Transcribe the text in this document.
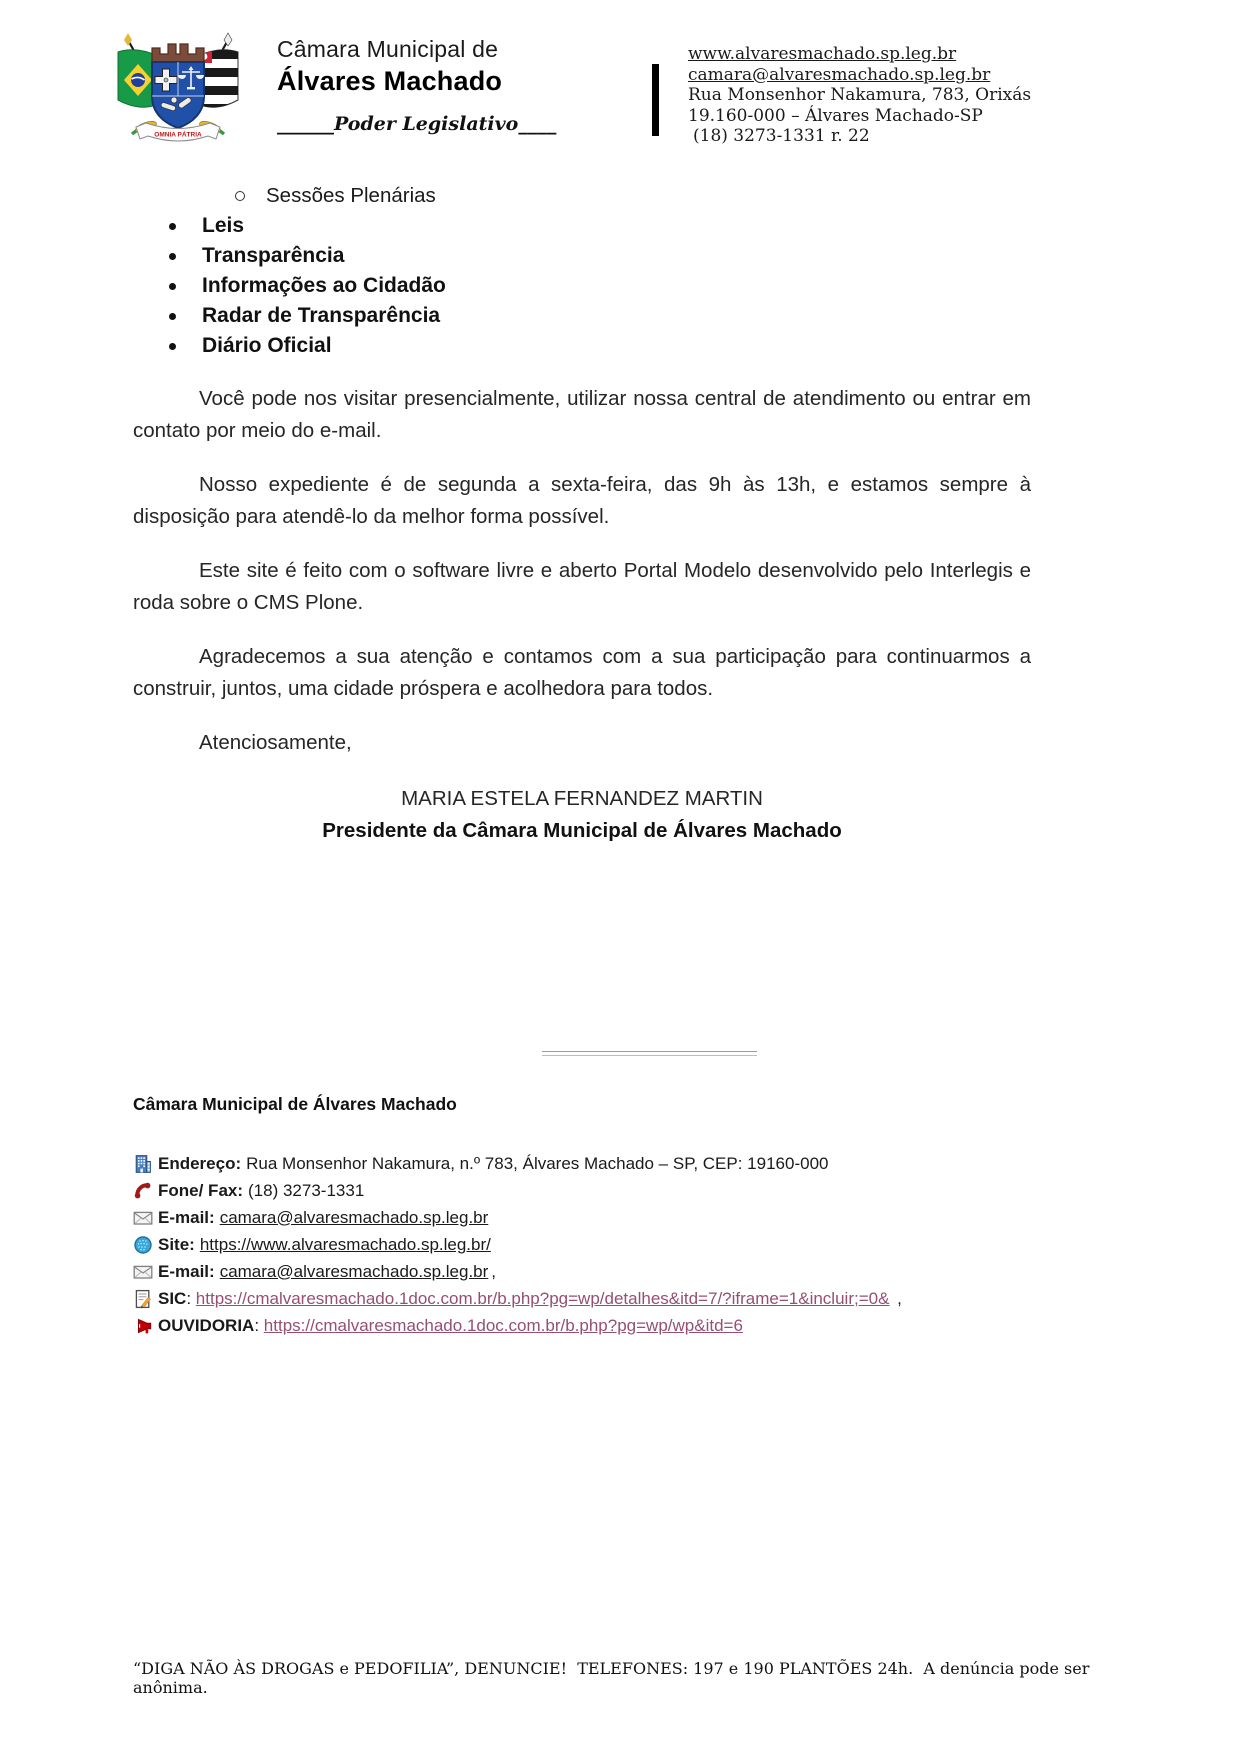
OMNIA PÁTRIA
Câmara Municipal de
Álvares Machado
______Poder Legislativo____
www.alvaresmachado.sp.leg.br
camara@alvaresmachado.sp.leg.br
Rua Monsenhor Nakamura, 783, Orixás
19.160-000 – Álvares Machado-SP
(18) 3273-1331 r. 22
Sessões Plenárias
Leis
Transparência
Informações ao Cidadão
Radar de Transparência
Diário Oficial

Você pode nos visitar presencialmente, utilizar nossa central de atendimento ou entrar em contato por meio do e-mail.

Nosso expediente é de segunda a sexta-feira, das 9h às 13h, e estamos sempre à disposição para atendê-lo da melhor forma possível.

Este site é feito com o software livre e aberto Portal Modelo desenvolvido pelo Interlegis e roda sobre o CMS Plone.

Agradecemos a sua atenção e contamos com a sua participação para continuarmos a construir, juntos, uma cidade próspera e acolhedora para todos.

Atenciosamente,

MARIA ESTELA FERNANDEZ MARTIN
Presidente da Câmara Municipal de Álvares Machado
Câmara Municipal de Álvares Machado
Endereço: Rua Monsenhor Nakamura, n.º 783, Álvares Machado – SP, CEP: 19160-000
Fone/ Fax: (18) 3273-1331
E-mail: camara@alvaresmachado.sp.leg.br
Site: https://www.alvaresmachado.sp.leg.br/
E-mail: camara@alvaresmachado.sp.leg.br ,
SIC : https://cmalvaresmachado.1doc.com.br/b.php?pg=wp/detalhes&itd=7/?iframe=1&incluir;=0& ,
OUVIDORIA : https://cmalvaresmachado.1doc.com.br/b.php?pg=wp/wp&itd=6
“DIGA NÃO ÀS DROGAS e PEDOFILIA”, DENUNCIE!  TELEFONES: 197 e 190 PLANTÕES 24h.  A denúncia pode ser anônima.
